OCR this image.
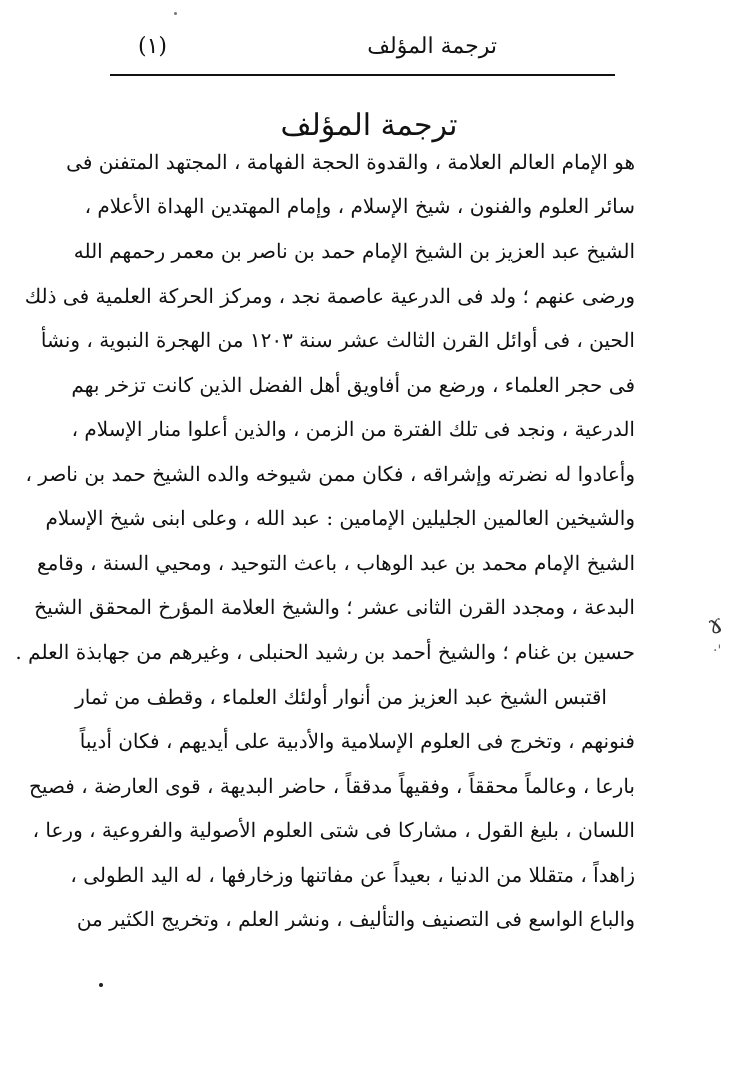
ترجمة المؤلف
(١)
ترجمة المؤلف
هو الإمام العالم العلامة ، والقدوة الحجة الفهامة ، المجتهد المتفنن فى
سائر العلوم والفنون ، شيخ الإسلام ، وإمام المهتدين الهداة الأعلام ،
الشيخ عبد العزيز بن الشيخ الإمام حمد بن ناصر بن معمر رحمهم الله
ورضى عنهم ؛ ولد فى الدرعية عاصمة نجد ، ومركز الحركة العلمية فى ذلك
الحين ، فى أوائل القرن الثالث عشر سنة ١٢٠٣ من الهجرة النبوية ، ونشأ
فى حجر العلماء ، ورضع من أفاويق أهل الفضل الذين كانت تزخر بهم
الدرعية ، ونجد فى تلك الفترة من الزمن ، والذين أعلوا منار الإسلام ،
وأعادوا له نضرته وإشراقه ، فكان ممن شيوخه والده الشيخ حمد بن ناصر ،
والشيخين العالمين الجليلين الإمامين : عبد الله ، وعلى ابنى شيخ الإسلام
الشيخ الإمام محمد بن عبد الوهاب ، باعث التوحيد ، ومحيي السنة ، وقامع
البدعة ، ومجدد القرن الثانى عشر ؛ والشيخ العلامة المؤرخ المحقق الشيخ
حسين بن غنام ؛ والشيخ أحمد بن رشيد الحنبلى ، وغيرهم من جهابذة العلم .
اقتبس الشيخ عبد العزيز من أنوار أولئك العلماء ، وقطف من ثمار
فنونهم ، وتخرج فى العلوم الإسلامية والأدبية على أيديهم ، فكان أديباً
بارعا ، وعالماً محققاً ، وفقيهاً مدققاً ، حاضر البديهة ، قوى العارضة ، فصيح
اللسان ، بليغ القول ، مشاركا فى شتى العلوم الأصولية والفروعية ، ورعا ،
زاهداً ، متقللا من الدنيا ، بعيداً عن مفاتنها وزخارفها ، له اليد الطولى ،
والباع الواسع فى التصنيف والتأليف ، ونشر العلم ، وتخريج الكثير من
ɤ
·'
